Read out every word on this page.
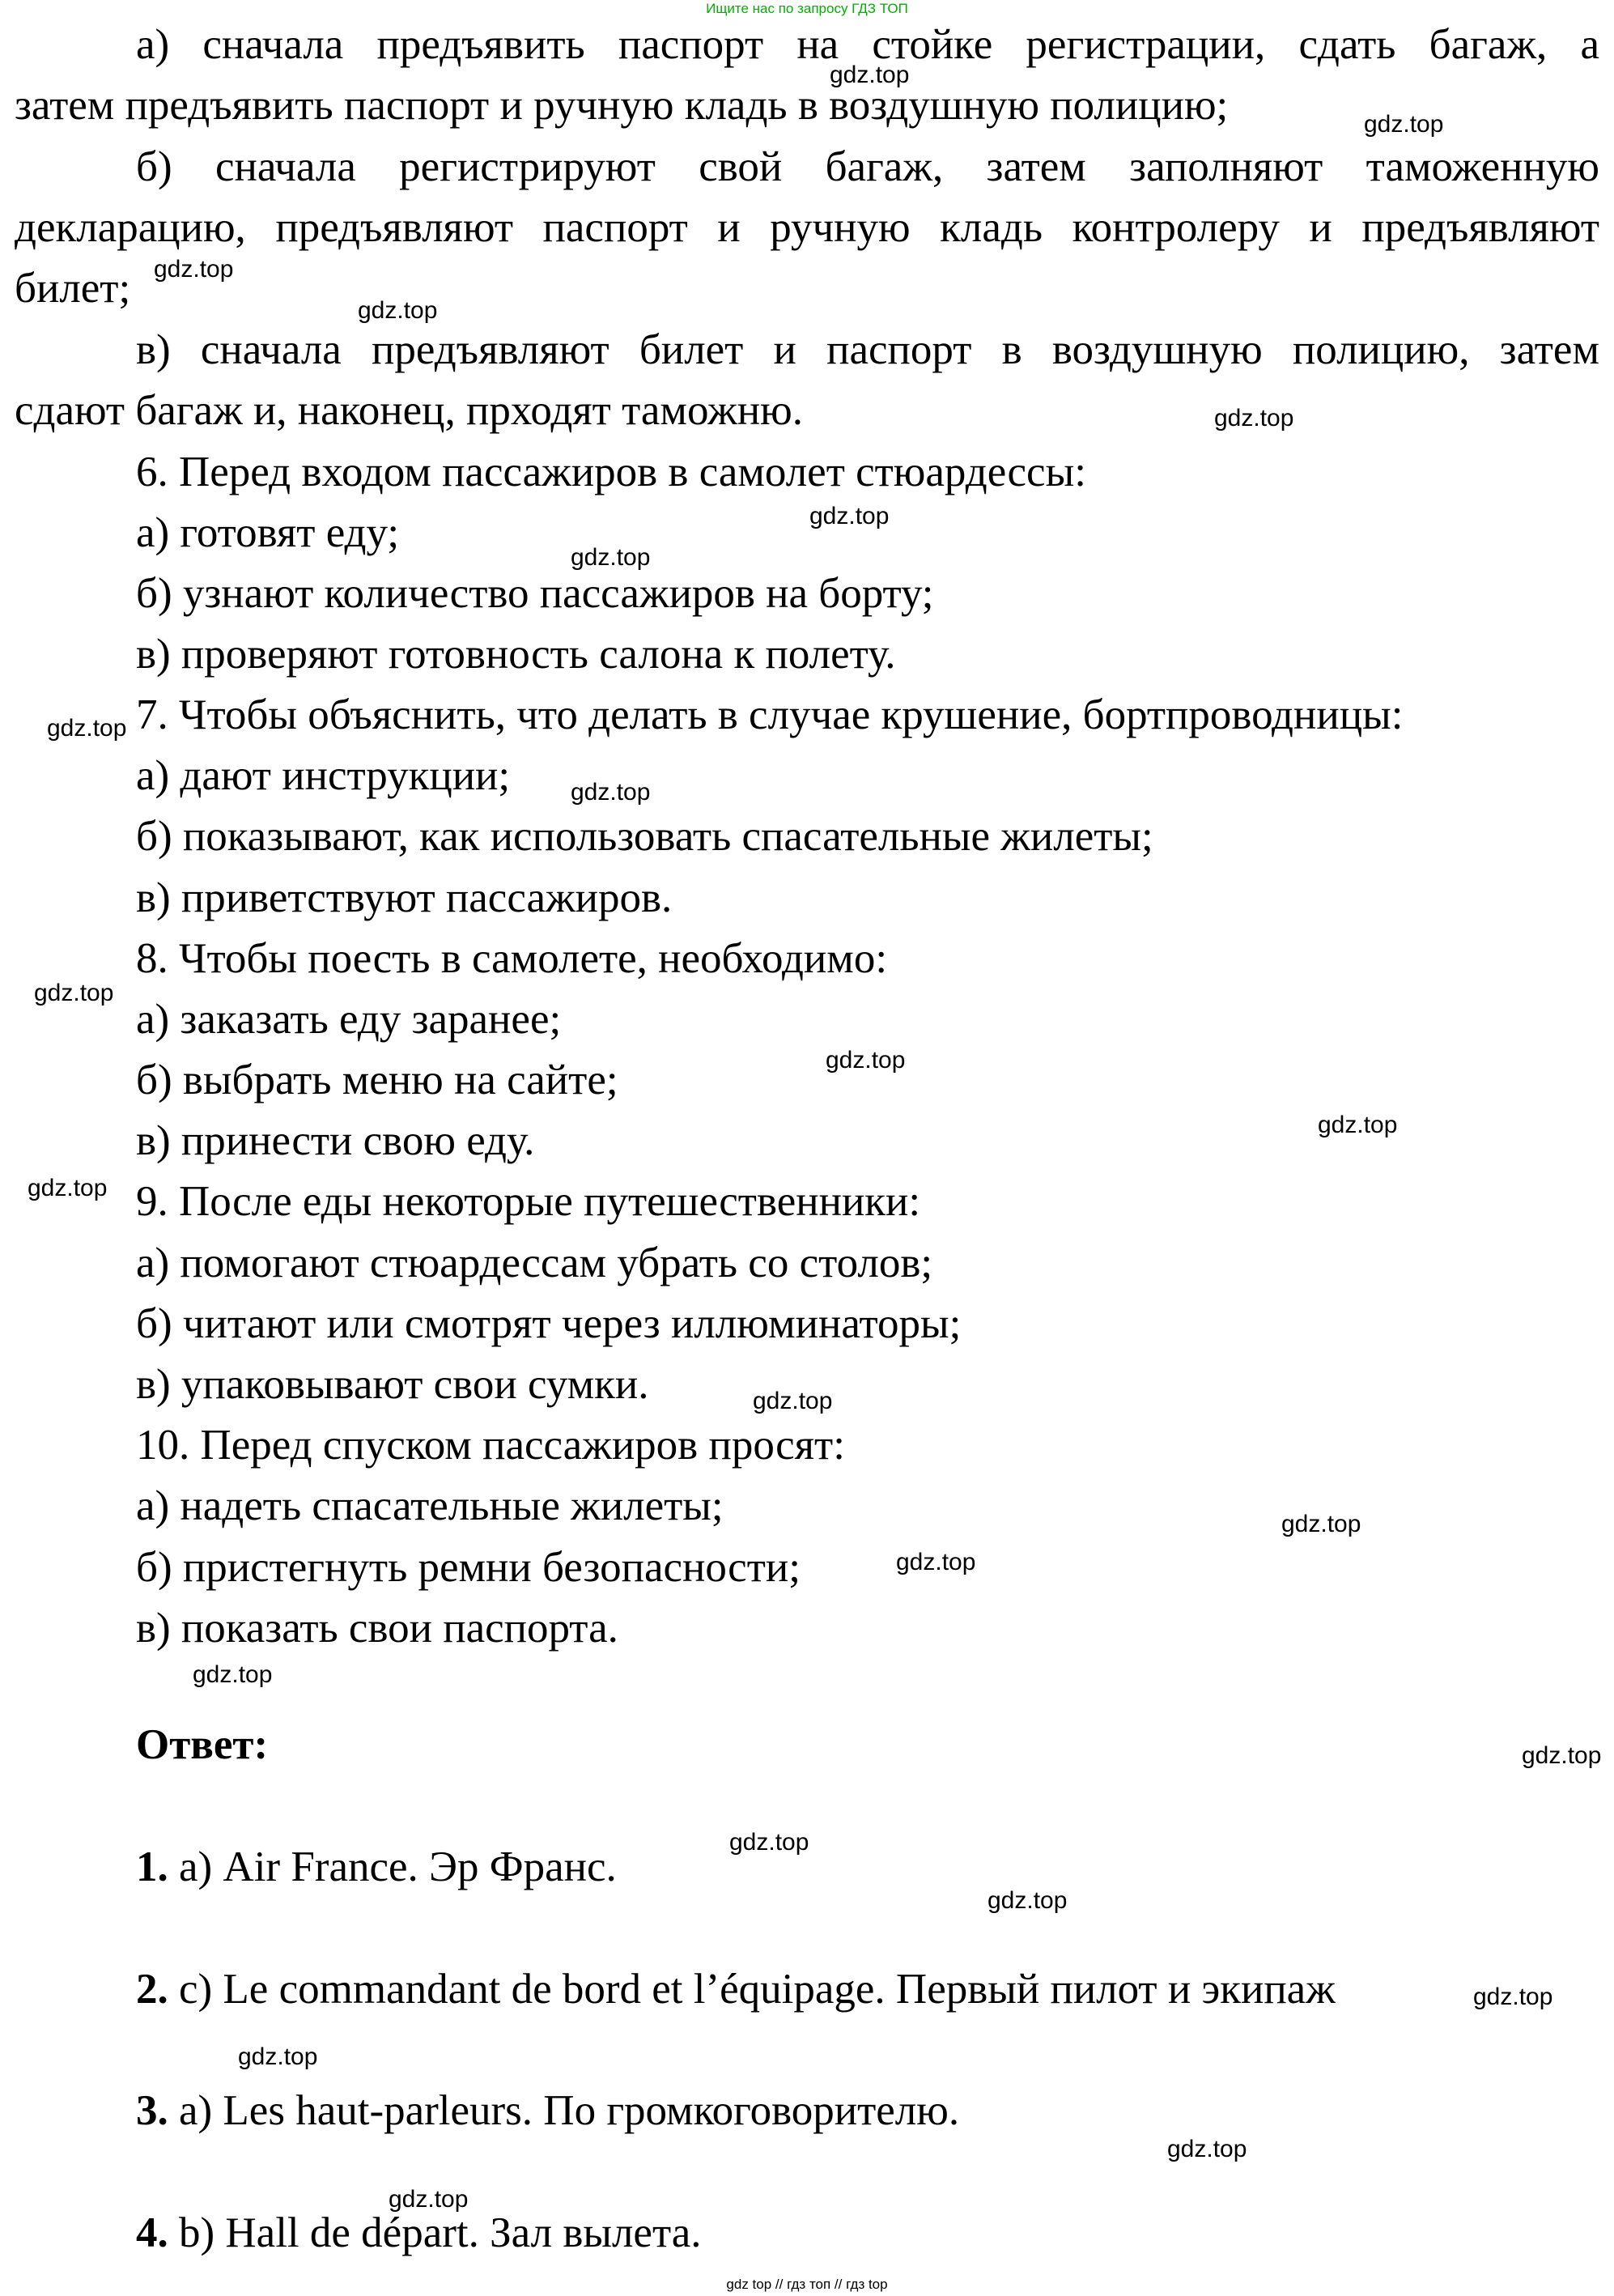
Ищите нас по запросу ГДЗ ТОП

а) сначала предъявить паспорт на стойке регистрации, сдать багаж, а

затем предъявить паспорт и ручную кладь в воздушную полицию;

б) сначала регистрируют свой багаж, затем заполняют таможенную

декларацию, предъявляют паспорт и ручную кладь контролеру и предъявляют

билет;

в) сначала предъявляют билет и паспорт в воздушную полицию, затем

сдают багаж и, наконец, прходят таможню.

6. Перед входом пассажиров в самолет стюардессы:

а) готовят еду;

б) узнают количество пассажиров на борту;

в) проверяют готовность салона к полету.

7. Чтобы объяснить, что делать в случае крушение, бортпроводницы:

а) дают инструкции;

б) показывают, как использовать спасательные жилеты;

в) приветствуют пассажиров.

8. Чтобы поесть в самолете, необходимо:

а) заказать еду заранее;

б) выбрать меню на сайте;

в) принести свою еду.

9. После еды некоторые путешественники:

а) помогают стюардессам убрать со столов;

б) читают или смотрят через иллюминаторы;

в) упаковывают свои сумки.

10. Перед спуском пассажиров просят:

а) надеть спасательные жилеты;

б) пристегнуть ремни безопасности;

в) показать свои паспорта.

Ответ:

1. а) Air France. Эр Франс.

2. c) Le commandant de bord et l’équipage. Первый пилот и экипаж

3. a) Les haut-parleurs. По громкоговорителю.

4. b) Hall de départ. Зал вылета.

gdz.top
gdz.top
gdz.top
gdz.top
gdz.top
gdz.top
gdz.top
gdz.top
gdz.top
gdz.top
gdz.top
gdz.top
gdz.top
gdz.top
gdz.top
gdz.top
gdz.top
gdz.top
gdz.top
gdz.top
gdz.top
gdz.top
gdz.top
gdz.top
gdz top // гдз топ // гдз top
